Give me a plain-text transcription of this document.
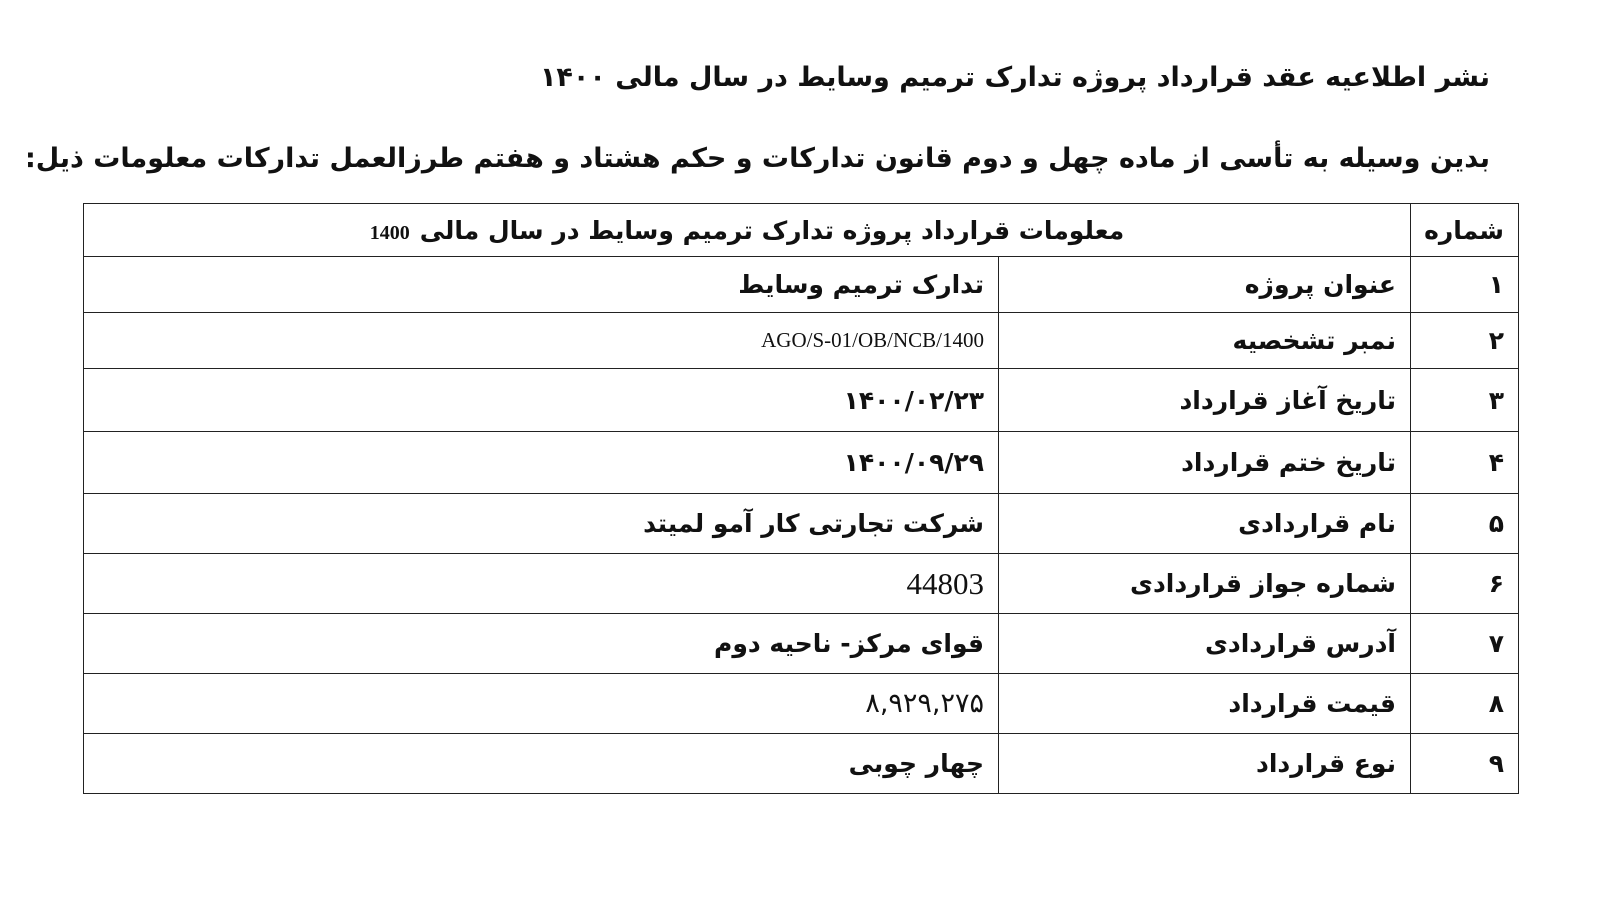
نشر اطلاعیه عقد قرارداد پروژه تدارک ترمیم وسایط در سال مالی ۱۴۰۰
بدین وسیله به تأسی از ماده چهل و دوم قانون تدارکات و حکم هشتاد و هفتم طرزالعمل تدارکات معلومات ذیل:
شماره	معلومات قرارداد پروژه تدارک ترمیم وسایط در سال مالی1400	
۱	عنوان پروژه	تدارک ترمیم وسایط
۲	نمبر تشخصیه	AGO/S-01/OB/NCB/1400
۳	تاریخ آغاز قرارداد	۱۴۰۰/۰۲/۲۳
۴	تاریخ ختم قرارداد	۱۴۰۰/۰۹/۲۹
۵	نام قراردادی	شرکت تجارتی کار آمو لمیتد
۶	شماره جواز قراردادی	44803
۷	آدرس قراردادی	قوای مرکز- ناحیه دوم
۸	قیمت قرارداد	۸,۹۲۹,۲۷۵
۹	نوع قرارداد	چهار چوبی
